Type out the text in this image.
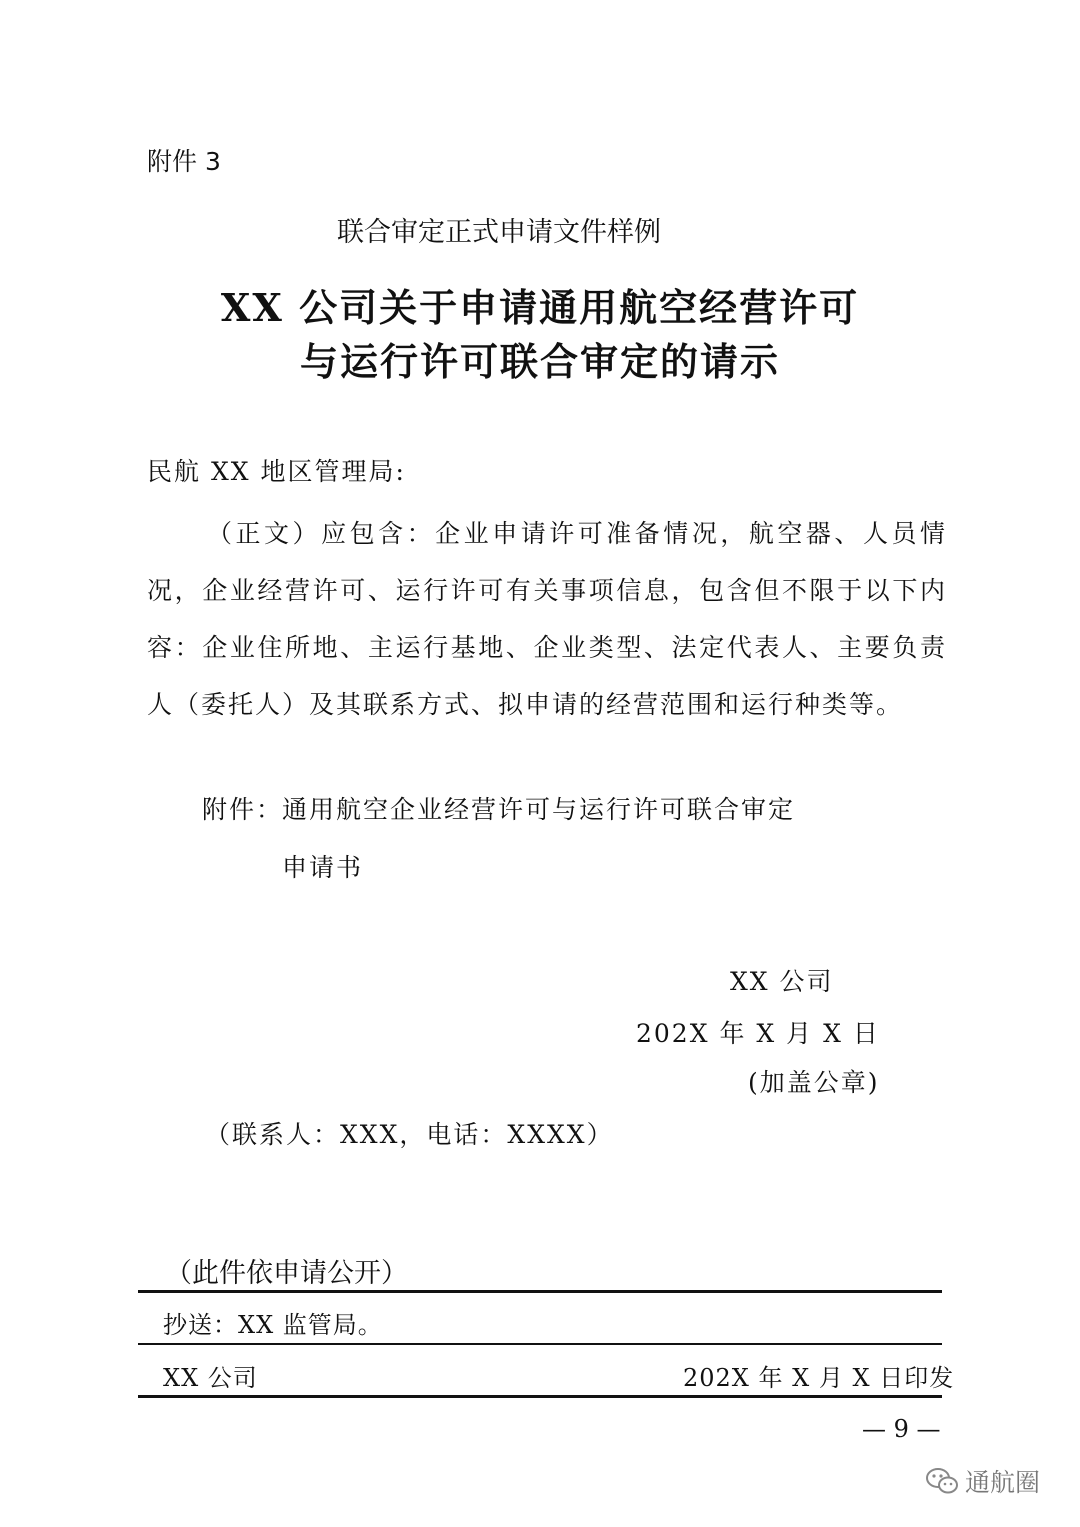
附件 3
联合审定正式申请文件样例
XX 公司关于申请通用航空经营许可
与运行许可联合审定的请示
民航 XX 地区管理局:
（正文）应包含：企业申请许可准备情况，航空器、人员情况，企业经营许可、运行许可有关事项信息，包含但不限于以下内容：企业住所地、主运行基地、企业类型、法定代表人、主要负责人（委托人）及其联系方式、拟申请的经营范围和运行种类等。
附件：
通用航空企业经营许可与运行许可联合审定
申请书
XX 公司
202X 年 X 月 X 日
(加盖公章)
（联系人：XXX，电话：XXXX）
（此件依申请公开）
抄送：XX 监管局。
XX 公司	202X 年 X 月 X 日印发
— 9 —
通航圈
